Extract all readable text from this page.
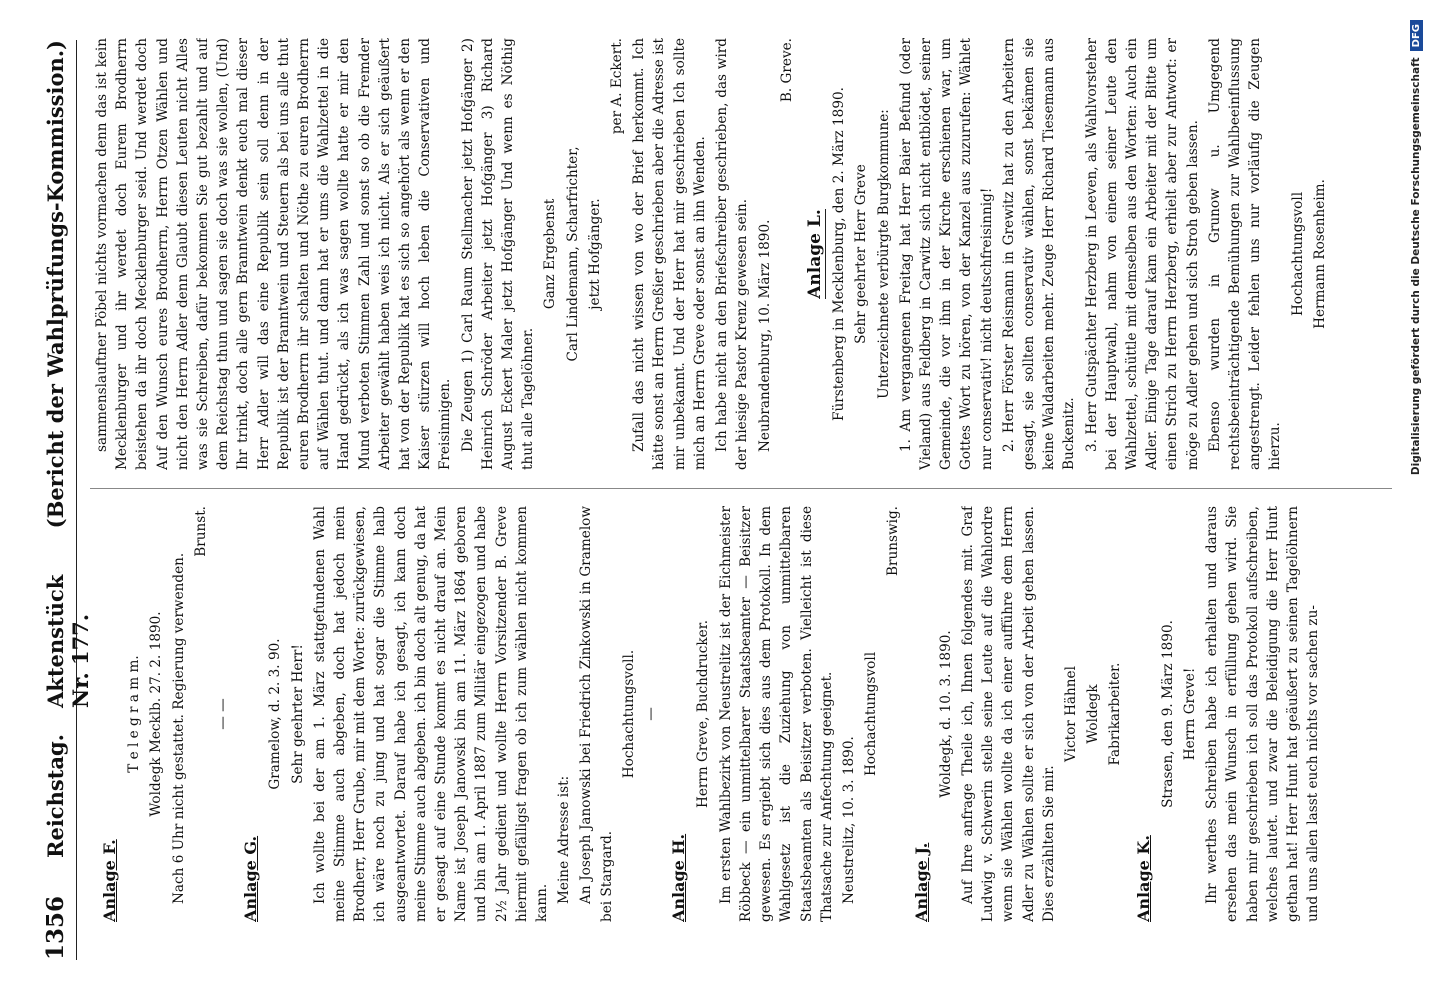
1356
Reichstag.
Aktenstück Nr. 177.
(Bericht der Wahlprüfungs-Kommission.)
Anlage F.

T e l e g r a m m. Woldegk Mecklb. 27. 2. 1890. Nach 6 Uhr nicht gestattet. Regierung verwenden.

Brunst.

— —

Anlage G.

Gramelow, d. 2. 3. 90. Sehr geehrter Herr! Ich wollte bei der am 1. März stattgefundenen Wahl meine Stimme auch abgeben, doch hat jedoch mein Brodherr, Herr Grube, mir mit dem Worte: zurückgewiesen, ich wäre noch zu jung und hat sogar die Stimme halb ausgeantwortet. Darauf habe ich gesagt, ich kann doch meine Stimme auch abgeben. ich bin doch alt genug, da hat er gesagt auf eine Stunde kommt es nicht drauf an. Mein Name ist Joseph Janowski bin am 11. März 1864 geboren und bin am 1. April 1887 zum Militär eingezogen und habe 2½ Jahr gedient und wollte Herrn Vorsitzender B. Greve hiermit gefälligst fragen ob ich zum wählen nicht kommen kann. Meine Adresse ist: An Joseph Janowski bei Friedrich Zinkowski in Gramelow bei Stargard.

Hochachtungsvoll. —

Anlage H.

Herrn Greve, Buchdrucker. Im ersten Wahlbezirk von Neustrelitz ist der Eichmeister Röbbeck — ein unmittelbarer Staatsbeamter — Beisitzer gewesen. Es ergiebt sich dies aus dem Protokoll. In dem Wahlgesetz ist die Zuziehung von unmittelbaren Staatsbeamten als Beisitzer verboten. Vielleicht ist diese Thatsache zur Anfechtung geeignet. Neustrelitz, 10. 3. 1890.

Hochachtungsvoll

Brunswig.

Anlage J.

Woldegk, d. 10. 3. 1890. Auf Ihre anfrage Theile ich, Ihnen folgendes mit. Graf Ludwig v. Schwerin stelle seine Leute auf die Wahlordre wenn sie Wählen wollte da ich einer aufführe dem Herrn Adler zu Wählen sollte er sich von der Arbeit gehen lassen. Dies erzählten Sie mir.

Victor Hähnel Woldegk Fabrikarbeiter.

Anlage K.

Strasen, den 9. März 1890. Herrn Greve! Ihr werthes Schreiben habe ich erhalten und daraus ersehen das mein Wunsch in erfüllung gehen wird. Sie haben mir geschrieben ich soll das Protokoll aufschreiben, welches lautet. und zwar die Beleidigung die Herr Hunt gethan hat! Herr Hunt hat geäußert zu seinen Tagelöhnern und uns allen lasst euch nichts vor sachen zu-

sammenslauftner Pöbel nichts vormachen denn das ist kein Mecklenburger und ihr werdet doch Eurem Brodherrn beistehen da ihr doch Mecklenburger seid. Und werdet doch Auf den Wunsch eures Brodherrn, Herrn Otzen Wählen und nicht den Herrn Adler denn Glaubt diesen Leuten nicht Alles was sie Schreiben, dafür bekommen Sie gut bezahlt und auf dem Reichstag thun und sagen sie doch was sie wollen, (Und) Ihr trinkt, doch alle gern Branntwein denkt euch mal dieser Herr Adler will das eine Republik sein soll denn in der Republik ist der Branntwein und Steuern als bei uns alle thut euren Brodherrn ihr schalten und Nöthe zu euren Brodherrn auf Wählen thut. und dann hat er ums die Wahlzettel in die Hand gedrückt, als ich was sagen wollte hatte er mir den Mund verboten Stimmen Zahl und sonst so ob die Fremder Arbeiter gewählt haben weis ich nicht. Als er sich geäußert hat von der Republik hat es sich so angehört als wenn er den Kaiser stürzen will hoch leben die Conservativen und Freisinnigen. Die Zeugen 1) Carl Raum Stellmacher jetzt Hofgänger 2) Heinrich Schröder Arbeiter jetzt Hofgänger 3) Richard August Eckert Maler jetzt Hofgänger Und wenn es Nöthig thut alle Tagelöhner.

Ganz Ergebenst Carl Lindemann, Scharfrichter, jetzt Hofgänger.

per A. Eckert. Zufall das nicht wissen von wo der Brief herkommt. Ich hätte sonst an Herrn Greßier geschrieben aber die Adresse ist mir unbekannt. Und der Herr hat mir geschrieben Ich sollte mich an Herrn Greve oder sonst an ihn Wenden. Ich habe nicht an den Briefschreiber geschrieben, das wird der hiesige Pastor Krenz gewesen sein. Neubrandenburg, 10. März 1890.

B. Greve.

Anlage L. Fürstenberg in Mecklenburg, den 2. März 1890. Sehr geehrter Herr Greve Unterzeichnete verbürgte Burgkommune: 1. Am vergangenen Freitag hat Herr Baier Befund (oder Vieland) aus Feldberg in Carwitz sich nicht entblödet, seiner Gemeinde, die vor ihm in der Kirche erschienen war, um Gottes Wort zu hören, von der Kanzel aus zuzurufen: Wählet nur conservativ! nicht deutschfreisinnig! 2. Herr Förster Reismann in Grewitz hat zu den Arbeitern gesagt, sie sollten conservativ wählen, sonst bekämen sie keine Waldarbeiten mehr. Zeuge Herr Richard Tiesemann aus Buckenitz. 3. Herr Gutspächter Herzberg in Leeven, als Wahlvorsteher bei der Hauptwahl, nahm von einem seiner Leute den Wahlzettel, schüttle mit demselben aus den Worten: Auch ein Adler. Einige Tage darauf kam ein Arbeiter mit der Bitte um einen Strich zu Herrn Herzberg, erhielt aber zur Antwort: er möge zu Adler gehen und sich Stroh geben lassen. Ebenso wurden in Grunow u. Umgegend rechtsbeeinträchtigende Bemühungen zur Wahlbeeinflussung angestrengt. Leider fehlen uns nur vorläufig die Zeugen hierzu.

Hochachtungsvoll Hermann Rosenheim.	Digitalisierung gefördert durch die Deutsche Forschungsgemeinschaft
DFG
